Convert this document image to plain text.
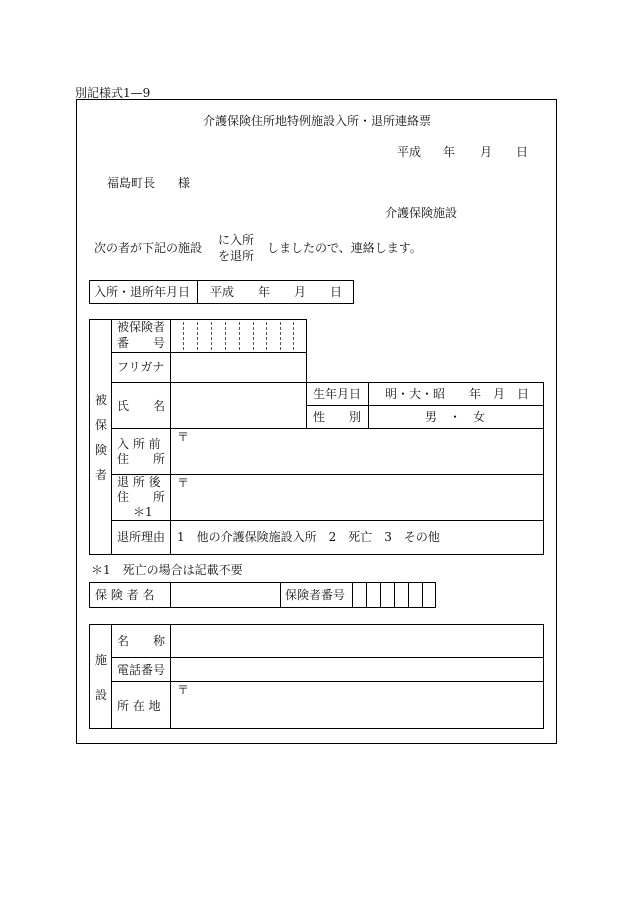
別記様式1—9
介護保険住所地特例施設入所・退所連絡票
平成 年 月 日
福島町長 様
介護保険施設
次の者が下記の施設
に入所
を退所
しましたので、連絡します。
入所・退所年月日 平成 年 月 日
被
保
険
者
被保険者
番　　号
フリガナ
氏　　名
生年月日 明・大・昭　　年　月　日
性　　別	男　・　女
入 所 前
住　　所
〒
退 所 後
住　　所
＊1
〒
退所理由 1　他の介護保険施設入所　2　死亡　3　その他
＊1　死亡の場合は記載不要
保 険 者 名	保険者番号
施
設
名　　称
電話番号
所 在 地
〒
